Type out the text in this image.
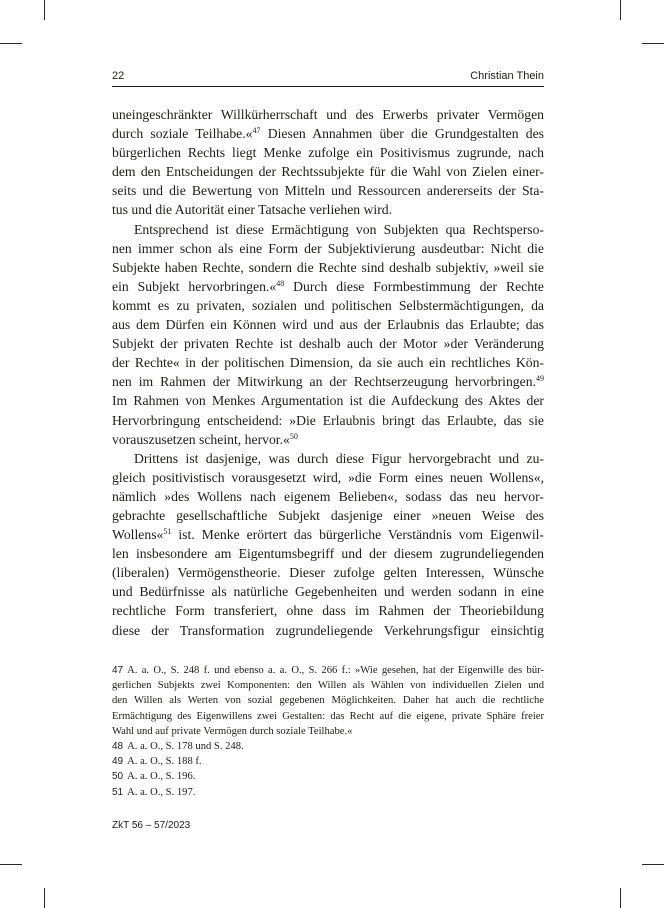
22	Christian Thein

uneingeschränkter Willkürherrschaft und des Erwerbs privater Vermögen
durch soziale Teilhabe.«$^{47}$ Diesen Annahmen über die Grundgestalten des
bürgerlichen Rechts liegt Menke zufolge ein Positivismus zugrunde, nach
dem den Entscheidungen der Rechtssubjekte für die Wahl von Zielen einer-
seits und die Bewertung von Mitteln und Ressourcen andererseits der Sta-
tus und die Autorität einer Tatsache verliehen wird.

Entsprechend ist diese Ermächtigung von Subjekten qua Rechtsperso-
nen immer schon als eine Form der Subjektivierung ausdeutbar: Nicht die
Subjekte haben Rechte, sondern die Rechte sind deshalb subjektiv, »weil sie
ein Subjekt hervorbringen.«$^{48}$ Durch diese Formbestimmung der Rechte
kommt es zu privaten, sozialen und politischen Selbstermächtigungen, da
aus dem Dürfen ein Können wird und aus der Erlaubnis das Erlaubte; das
Subjekt der privaten Rechte ist deshalb auch der Motor »der Veränderung
der Rechte« in der politischen Dimension, da sie auch ein rechtliches Kön-
nen im Rahmen der Mitwirkung an der Rechtserzeugung hervorbringen.$^{49}$
Im Rahmen von Menkes Argumentation ist die Aufdeckung des Aktes der
Hervorbringung entscheidend: »Die Erlaubnis bringt das Erlaubte, das sie
vorauszusetzen scheint, hervor.«$^{50}$

Drittens ist dasjenige, was durch diese Figur hervorgebracht und zu-
gleich positivistisch vorausgesetzt wird, »die Form eines neuen Wollens«,
nämlich »des Wollens nach eigenem Belieben«, sodass das neu hervor-
gebrachte gesellschaftliche Subjekt dasjenige einer »neuen Weise des
Wollens«$^{51}$ ist. Menke erörtert das bürgerliche Verständnis vom Eigenwil-
len insbesondere am Eigentumsbegriff und der diesem zugrundeliegenden
(liberalen) Vermögenstheorie. Dieser zufolge gelten Interessen, Wünsche
und Bedürfnisse als natürliche Gegebenheiten und werden sodann in eine
rechtliche Form transferiert, ohne dass im Rahmen der Theoriebildung
diese der Transformation zugrundeliegende Verkehrungsfigur einsichtig

47 A. a. O., S. 248 f. und ebenso a. a. O., S. 266 f.: »Wie gesehen, hat der Eigenwille des bür-
gerlichen Subjekts zwei Komponenten: den Willen als Wählen von individuellen Zielen und
den Willen als Werten von sozial gegebenen Möglichkeiten. Daher hat auch die rechtliche
Ermächtigung des Eigenwillens zwei Gestalten: das Recht auf die eigene, private Sphäre freier
Wahl und auf private Vermögen durch soziale Teilhabe.«
48 A. a. O., S. 178 und S. 248.
49 A. a. O., S. 188 f.
50 A. a. O., S. 196.
51 A. a. O., S. 197.
ZkT 56 – 57/2023
